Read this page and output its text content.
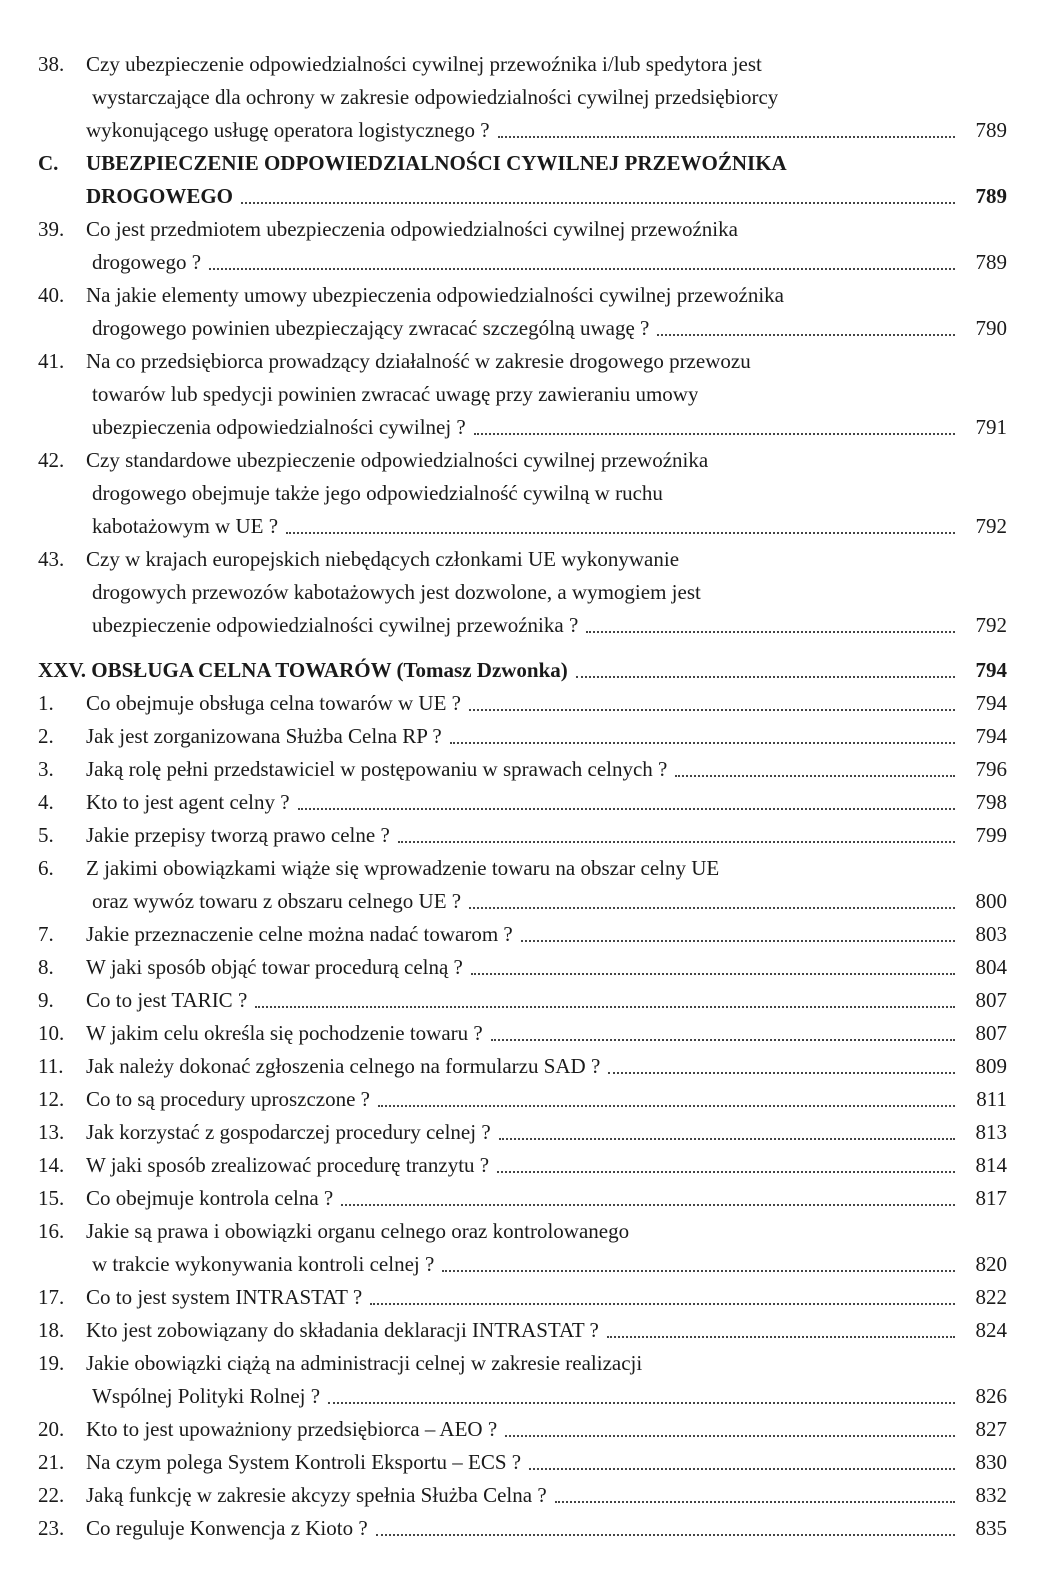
38.	Czy ubezpieczenie odpowiedzialności cywilnej przewoźnika i/lub spedytora jest
wystarczające dla ochrony w zakresie odpowiedzialności cywilnej przedsiębiorcy
wykonującego usługę operatora logistycznego ?	789
C.	UBEZPIECZENIE ODPOWIEDZIALNOŚCI CYWILNEJ PRZEWOŹNIKA
DROGOWEGO	789
39.	Co jest przedmiotem ubezpieczenia odpowiedzialności cywilnej przewoźnika
drogowego ?	789
40.	Na jakie elementy umowy ubezpieczenia odpowiedzialności cywilnej przewoźnika
drogowego powinien ubezpieczający zwracać szczególną uwagę ?	790
41.	Na co przedsiębiorca prowadzący działalność w zakresie drogowego przewozu
towarów lub spedycji powinien zwracać uwagę przy zawieraniu umowy
ubezpieczenia odpowiedzialności cywilnej ?	791
42.	Czy standardowe ubezpieczenie odpowiedzialności cywilnej przewoźnika
drogowego obejmuje także jego odpowiedzialność cywilną w ruchu
kabotażowym w UE ?	792
43.	Czy w krajach europejskich niebędących członkami UE wykonywanie
drogowych przewozów kabotażowych jest dozwolone, a wymogiem jest
ubezpieczenie odpowiedzialności cywilnej przewoźnika ?	792
XXV. OBSŁUGA CELNA TOWARÓW (Tomasz Dzwonka)	794
1.	Co obejmuje obsługa celna towarów w UE ?	794
2.	Jak jest zorganizowana Służba Celna RP ?	794
3.	Jaką rolę pełni przedstawiciel w postępowaniu w sprawach celnych ?	796
4.	Kto to jest agent celny ?	798
5.	Jakie przepisy tworzą prawo celne ?	799
6.	Z jakimi obowiązkami wiąże się wprowadzenie towaru na obszar celny UE
oraz wywóz towaru z obszaru celnego UE ?	800
7.	Jakie przeznaczenie celne można nadać towarom ?	803
8.	W jaki sposób objąć towar procedurą celną ?	804
9.	Co to jest TARIC ?	807
10.	W jakim celu określa się pochodzenie towaru ?	807
11.	Jak należy dokonać zgłoszenia celnego na formularzu SAD ?	809
12.	Co to są procedury uproszczone ?	811
13.	Jak korzystać z gospodarczej procedury celnej ?	813
14.	W jaki sposób zrealizować procedurę tranzytu ?	814
15.	Co obejmuje kontrola celna ?	817
16.	Jakie są prawa i obowiązki organu celnego oraz kontrolowanego
w trakcie wykonywania kontroli celnej ?	820
17.	Co to jest system INTRASTAT ?	822
18.	Kto jest zobowiązany do składania deklaracji INTRASTAT ?	824
19.	Jakie obowiązki ciążą na administracji celnej w zakresie realizacji
Wspólnej Polityki Rolnej ?	826
20.	Kto to jest upoważniony przedsiębiorca – AEO ?	827
21.	Na czym polega System Kontroli Eksportu – ECS ?	830
22.	Jaką funkcję w zakresie akcyzy spełnia Służba Celna ?	832
23.	Co reguluje Konwencja z Kioto ?	835
